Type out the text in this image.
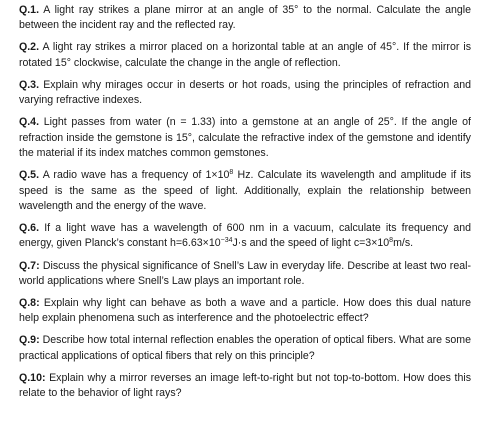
Q.1. A light ray strikes a plane mirror at an angle of 35° to the normal. Calculate the angle between the incident ray and the reflected ray.

Q.2. A light ray strikes a mirror placed on a horizontal table at an angle of 45°. If the mirror is rotated 15° clockwise, calculate the change in the angle of reflection.

Q.3. Explain why mirages occur in deserts or hot roads, using the principles of refraction and varying refractive indexes.

Q.4. Light passes from water (n = 1.33) into a gemstone at an angle of 25°. If the angle of refraction inside the gemstone is 15°, calculate the refractive index of the gemstone and identify the material if its index matches common gemstones.

Q.5. A radio wave has a frequency of $1\times 10^8$ Hz. Calculate its wavelength and amplitude if its speed is the same as the speed of light. Additionally, explain the relationship between wavelength and the energy of the wave.

Q.6. If a light wave has a wavelength of 600 nm in a vacuum, calculate its frequency and energy, given Planck’s constant $h=6.63\times 10^{-34}J\cdot s$ and the speed of light $c=3\times 10^8m/s$.

Q.7: Discuss the physical significance of Snell’s Law in everyday life. Describe at least two real-world applications where Snell’s Law plays an important role.

Q.8: Explain why light can behave as both a wave and a particle. How does this dual nature help explain phenomena such as interference and the photoelectric effect?

Q.9: Describe how total internal reflection enables the operation of optical fibers. What are some practical applications of optical fibers that rely on this principle?

Q.10: Explain why a mirror reverses an image left-to-right but not top-to-bottom. How does this relate to the behavior of light rays?
